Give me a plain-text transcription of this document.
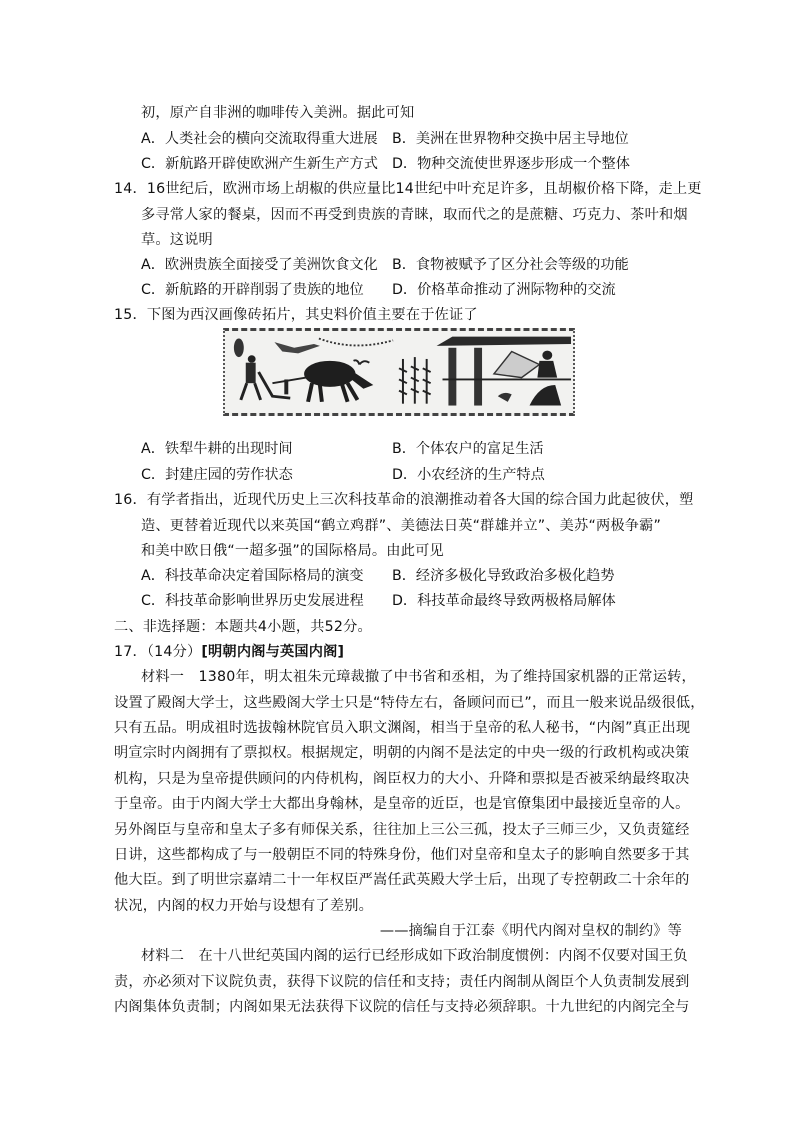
初，原产自非洲的咖啡传入美洲。据此可知
A．人类社会的横向交流取得重大进展 B．美洲在世界物种交换中居主导地位
C．新航路开辟使欧洲产生新生产方式 D．物种交流使世界逐步形成一个整体
14．16世纪后，欧洲市场上胡椒的供应量比14世纪中叶充足许多，且胡椒价格下降，走上更
多寻常人家的餐桌，因而不再受到贵族的青睐，取而代之的是蔗糖、巧克力、茶叶和烟
草。这说明
A．欧洲贵族全面接受了美洲饮食文化 B．食物被赋予了区分社会等级的功能
C．新航路的开辟削弱了贵族的地位 D．价格革命推动了洲际物种的交流
15．下图为西汉画像砖拓片，其史料价值主要在于佐证了
A．铁犁牛耕的出现时间	B．个体农户的富足生活
C．封建庄园的劳作状态	D．小农经济的生产特点
16．有学者指出，近现代历史上三次科技革命的浪潮推动着各大国的综合国力此起彼伏，塑
造、更替着近现代以来英国“鹤立鸡群”、美德法日英“群雄并立”、美苏“两极争霸”
和美中欧日俄“一超多强”的国际格局。由此可见
A．科技革命决定着国际格局的演变 B．经济多极化导致政治多极化趋势
C．科技革命影响世界历史发展进程 D．科技革命最终导致两极格局解体
二、非选择题：本题共4小题，共52分。
17．（14分）[明朝内阁与英国内阁]
材料一　1380年，明太祖朱元璋裁撤了中书省和丞相，为了维持国家机器的正常运转，
设置了殿阁大学士，这些殿阁大学士只是“特侍左右，备顾问而已”，而且一般来说品级很低，
只有五品。明成祖时选拔翰林院官员入职文渊阁，相当于皇帝的私人秘书，“内阁”真正出现
明宣宗时内阁拥有了票拟权。根据规定，明朝的内阁不是法定的中央一级的行政机构或决策
机构，只是为皇帝提供顾问的内侍机构，阁臣权力的大小、升降和票拟是否被采纳最终取决
于皇帝。由于内阁大学士大都出身翰林，是皇帝的近臣，也是官僚集团中最接近皇帝的人。
另外阁臣与皇帝和皇太子多有师保关系，往往加上三公三孤，投太子三师三少，又负责筵经
日讲，这些都构成了与一般朝臣不同的特殊身份，他们对皇帝和皇太子的影响自然要多于其
他大臣。到了明世宗嘉靖二十一年权臣严嵩任武英殿大学士后，出现了专控朝政二十余年的
状况，内阁的权力开始与设想有了差别。
——摘编自于江泰《明代内阁对皇权的制约》等
材料二　在十八世纪英国内阁的运行已经形成如下政治制度惯例：内阁不仅要对国王负
责，亦必须对下议院负责，获得下议院的信任和支持；责任内阁制从阁臣个人负责制发展到
内阁集体负责制；内阁如果无法获得下议院的信任与支持必须辞职。十九世纪的内阁完全与
